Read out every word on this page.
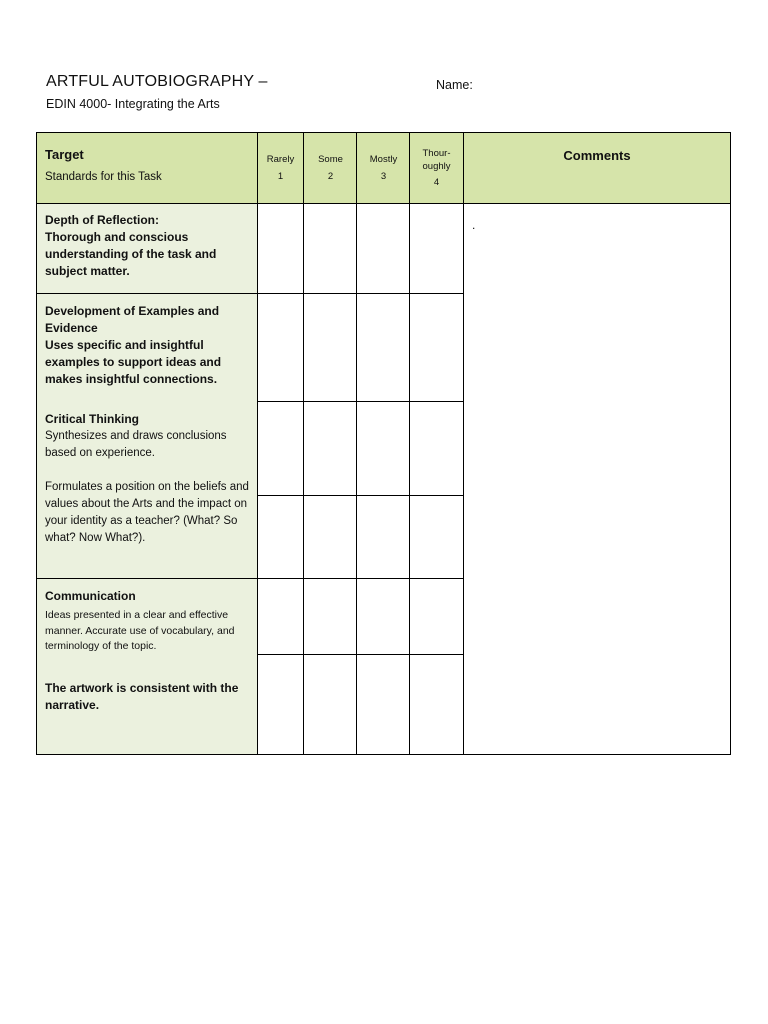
ARTFUL AUTOBIOGRAPHY –
EDIN 4000- Integrating the Arts
Name:
Target
Standards for this Task
Rarely
1
Some
2
Mostly
3
Thour-
oughly
4
Comments
.
Depth of Reflection:
Thorough and conscious understanding of the task and subject matter.
Development of Examples and Evidence
Uses specific and insightful examples to support ideas and makes insightful connections.
Critical Thinking
Synthesizes and draws conclusions based on experience.
Formulates a position on the beliefs and values about the Arts and the impact on your identity as a teacher? (What? So what? Now What?).
Communication
Ideas presented in a clear and effective manner. Accurate use of vocabulary, and terminology of the topic.
The artwork is consistent with the narrative.
